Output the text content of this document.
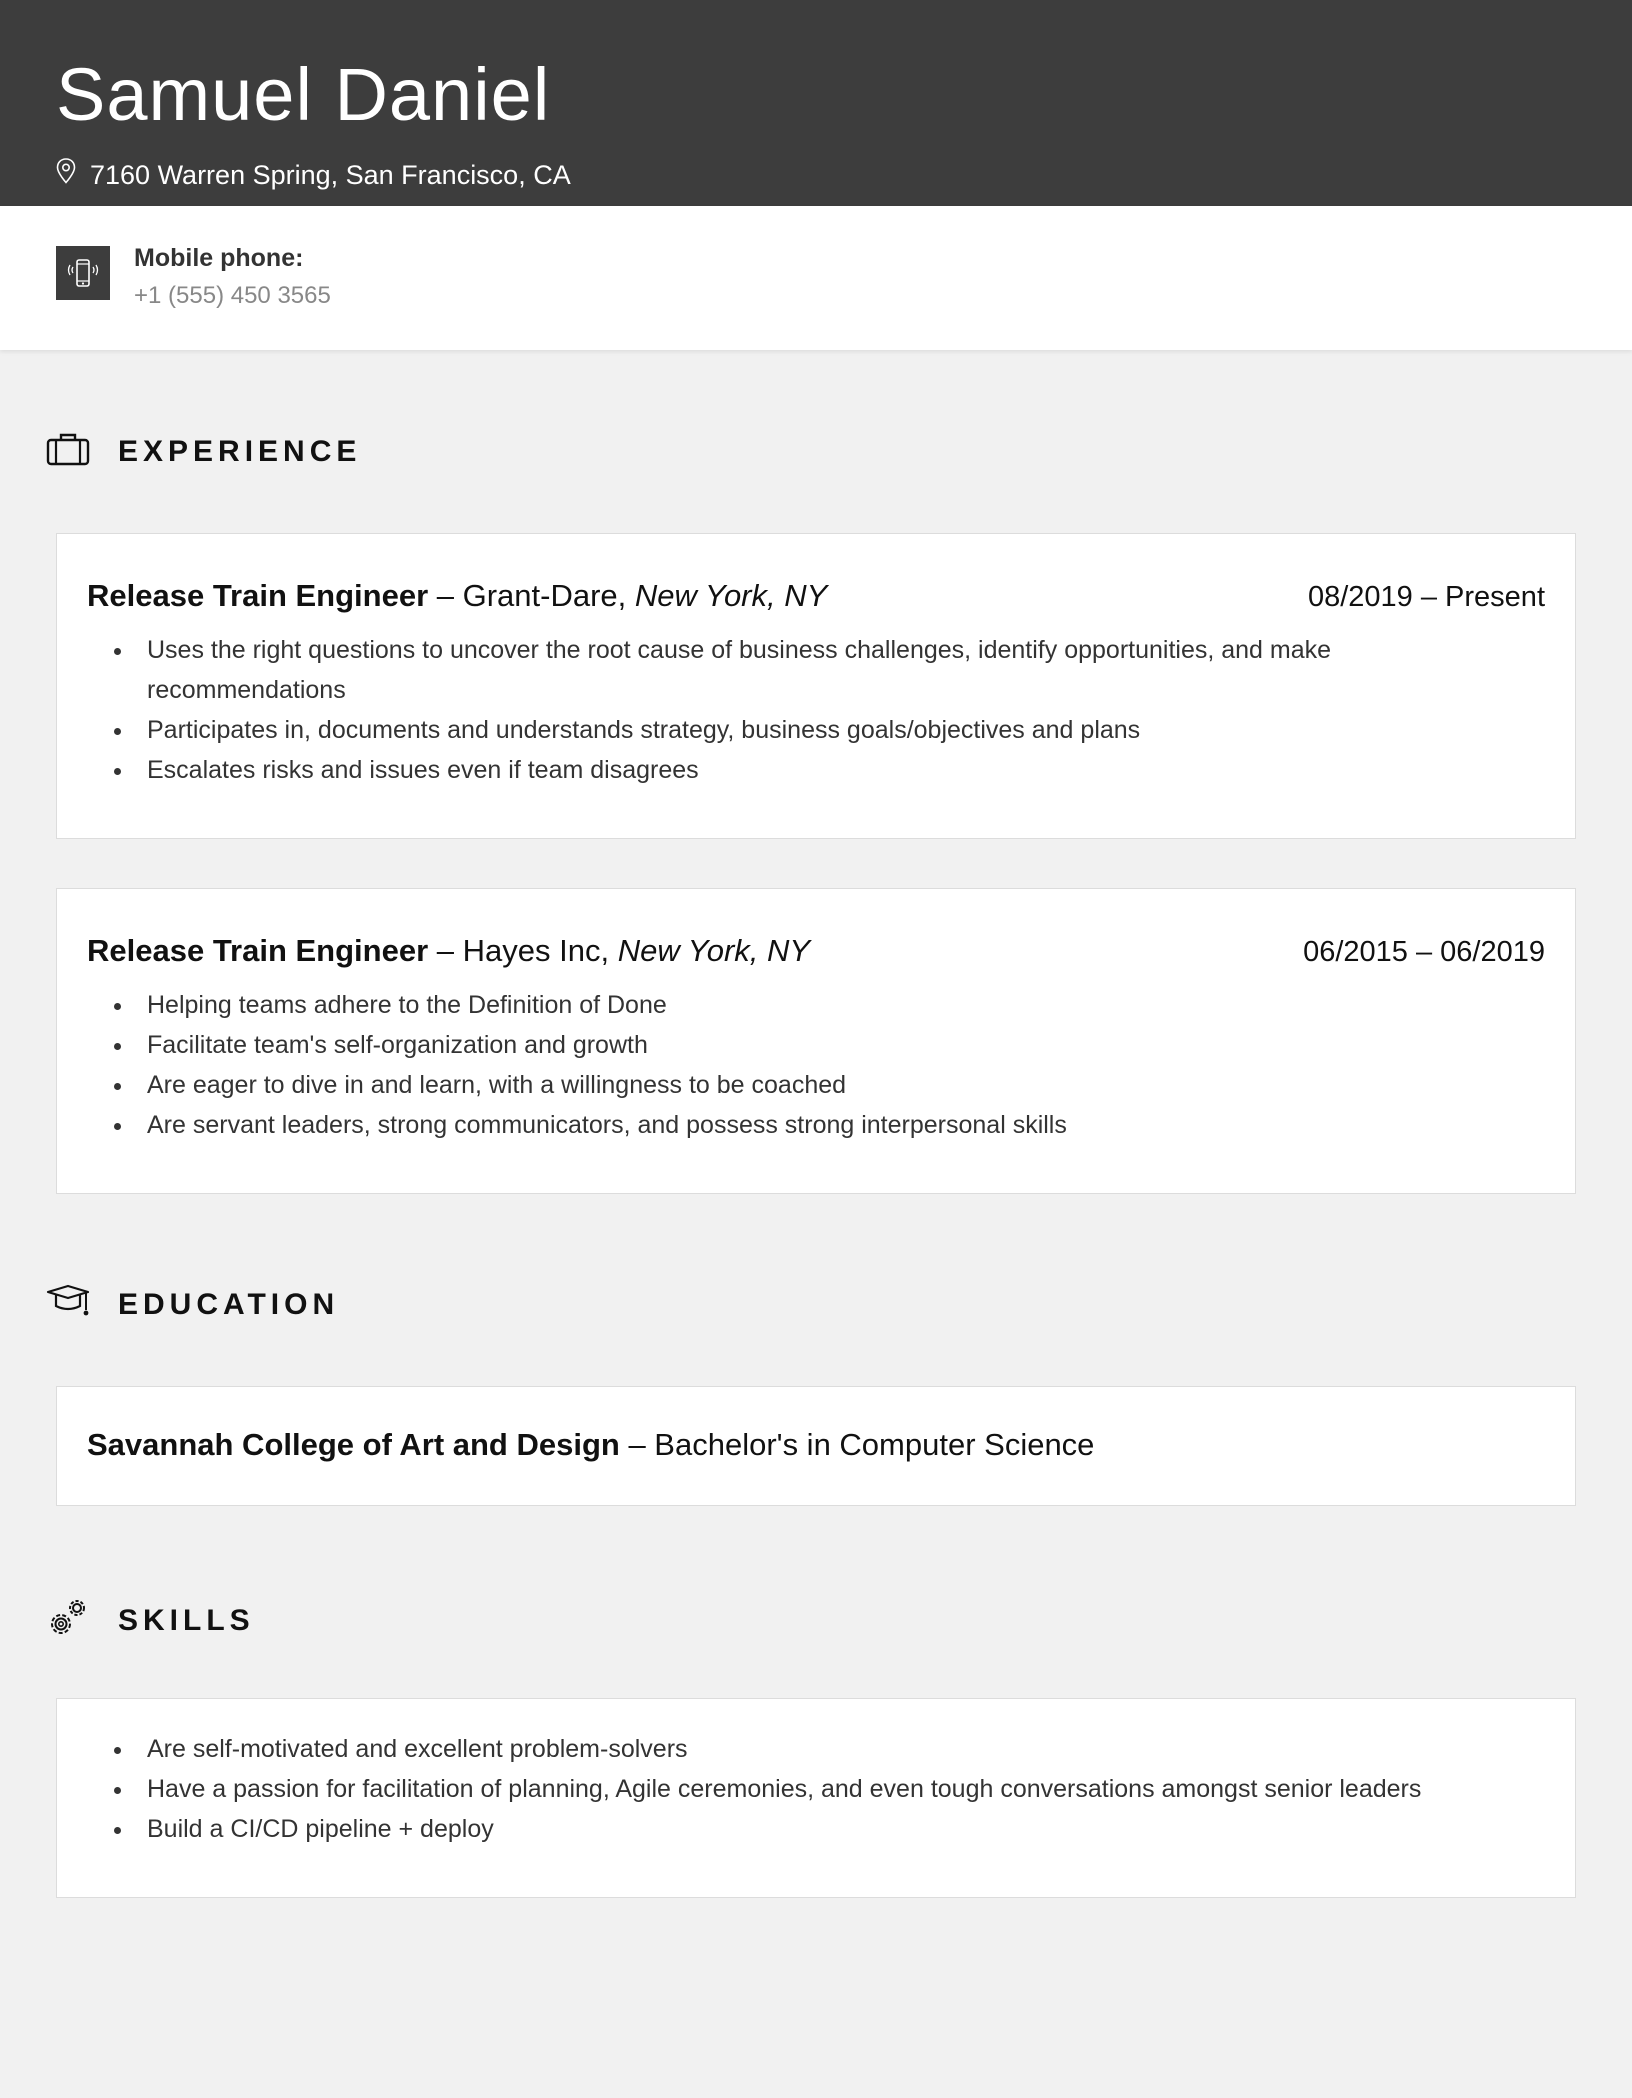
Samuel Daniel
7160 Warren Spring, San Francisco, CA
Mobile phone:
+1 (555) 450 3565
EXPERIENCE
Release Train Engineer – Grant-Dare, New York, NY	08/2019 – Present
• Uses the right questions to uncover the root cause of business challenges, identify opportunities, and make recommendations
• Participates in, documents and understands strategy, business goals/objectives and plans
• Escalates risks and issues even if team disagrees
Release Train Engineer – Hayes Inc, New York, NY	06/2015 – 06/2019
• Helping teams adhere to the Definition of Done
• Facilitate team's self-organization and growth
• Are eager to dive in and learn, with a willingness to be coached
• Are servant leaders, strong communicators, and possess strong interpersonal skills
EDUCATION
Savannah College of Art and Design – Bachelor's in Computer Science
SKILLS
• Are self-motivated and excellent problem-solvers
• Have a passion for facilitation of planning, Agile ceremonies, and even tough conversations amongst senior leaders
• Build a CI/CD pipeline + deploy
